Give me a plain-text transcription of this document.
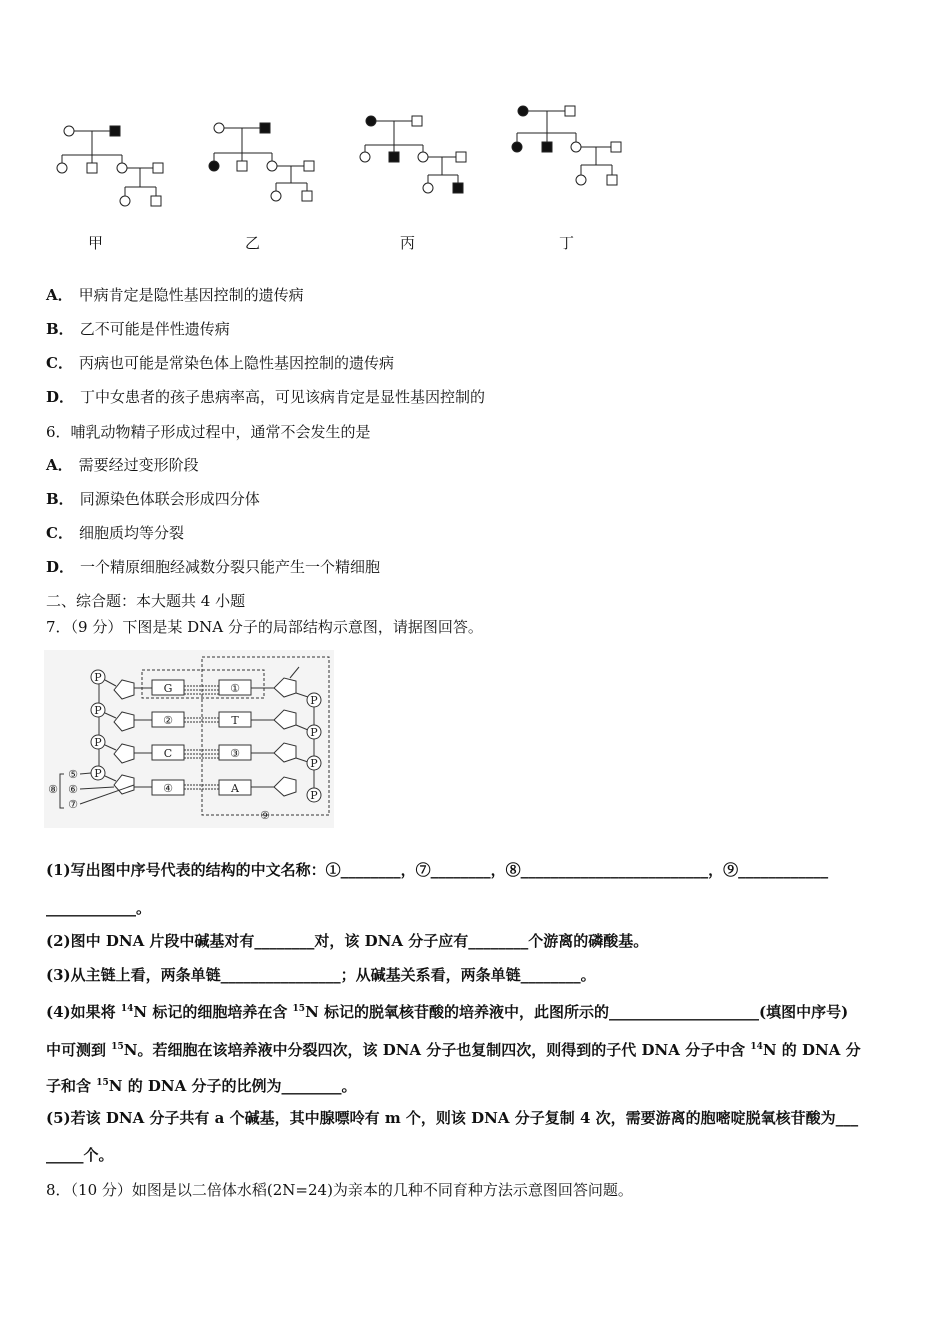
甲	乙	丙	丁
A． 甲病肯定是隐性基因控制的遗传病
B． 乙不可能是伴性遗传病
C． 丙病也可能是常染色体上隐性基因控制的遗传病
D． 丁中女患者的孩子患病率高，可见该病肯定是显性基因控制的
6．哺乳动物精子形成过程中，通常不会发生的是
A． 需要经过变形阶段
B． 同源染色体联会形成四分体
C． 细胞质均等分裂
D． 一个精原细胞经减数分裂只能产生一个精细胞
二、综合题：本大题共 4 小题
7．（9 分）下图是某 DNA 分子的局部结构示意图，请据图回答。
P
G	①
P
②	T
P
P
C	③
P
P
④	A
P
P
⑤
⑥
⑦
⑧
⑨
(1)写出图中序号代表的结构的中文名称：①________，⑦________，⑧_________________________，⑨____________
____________。
(2)图中 DNA 片段中碱基对有________对，该 DNA 分子应有________个游离的磷酸基。
(3)从主链上看，两条单链________________；从碱基关系看，两条单链________。
(4)如果将 $^{14}$N 标记的细胞培养在含 $^{15}$N 标记的脱氧核苷酸的培养液中，此图所示的____________________(填图中序号)
中可测到 $^{15}$N。若细胞在该培养液中分裂四次，该 DNA 分子也复制四次，则得到的子代 DNA 分子中含 $^{14}$N 的 DNA 分
子和含 $^{15}$N 的 DNA 分子的比例为________。
(5)若该 DNA 分子共有 a 个碱基，其中腺嘌呤有 m 个，则该 DNA 分子复制 4 次，需要游离的胞嘧啶脱氧核苷酸为___
_____个。
8．（10 分）如图是以二倍体水稻(2N=24)为亲本的几种不同育种方法示意图回答问题。
